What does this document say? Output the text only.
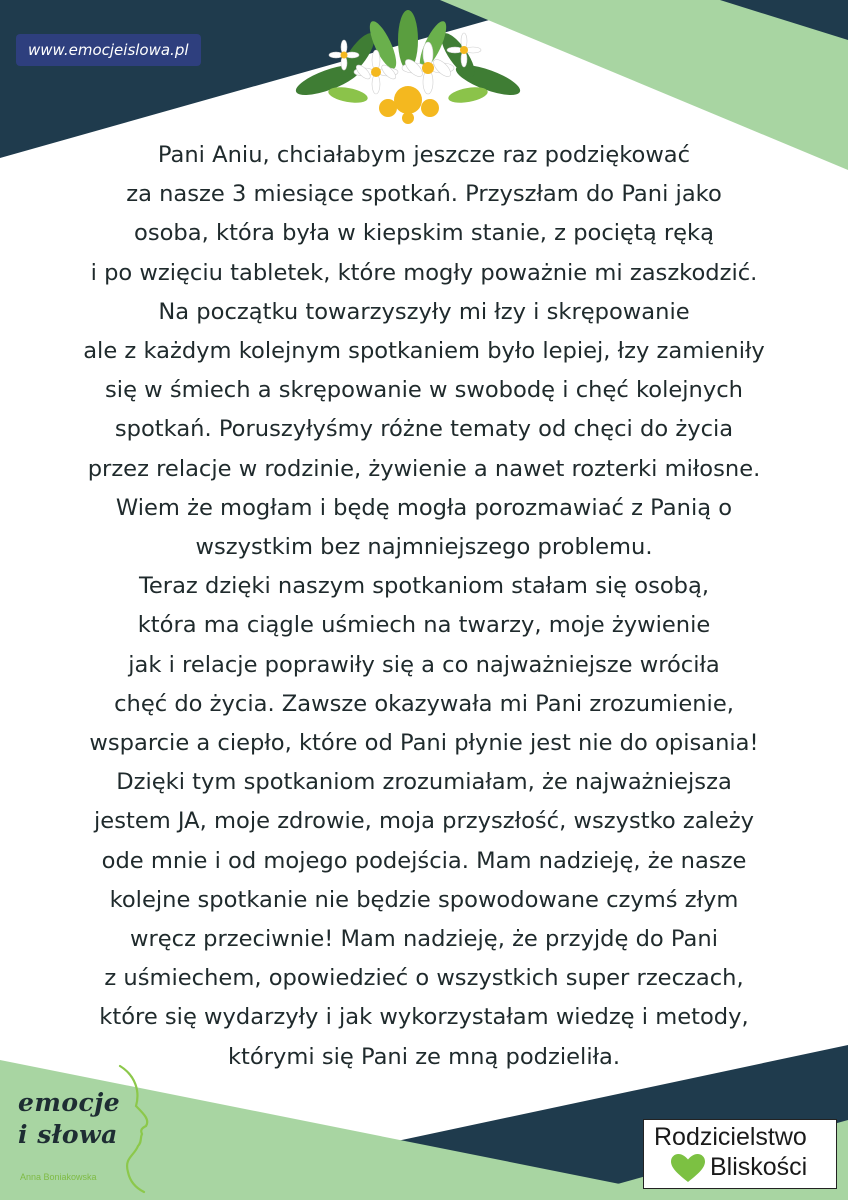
www.emocjeislowa.pl
Pani Aniu, chciałabym jeszcze raz podziękować
za nasze 3 miesiące spotkań. Przyszłam do Pani jako
osoba, która była w kiepskim stanie, z pociętą ręką
i po wzięciu tabletek, które mogły poważnie mi zaszkodzić.
Na początku towarzyszyły mi łzy i skrępowanie
ale z każdym kolejnym spotkaniem było lepiej, łzy zamieniły
się w śmiech a skrępowanie w swobodę i chęć kolejnych
spotkań. Poruszyłyśmy różne tematy od chęci do życia
przez relacje w rodzinie, żywienie a nawet rozterki miłosne.
Wiem że mogłam i będę mogła porozmawiać z Panią o
wszystkim bez najmniejszego problemu.
Teraz dzięki naszym spotkaniom stałam się osobą,
która ma ciągle uśmiech na twarzy, moje żywienie
jak i relacje poprawiły się a co najważniejsze wróciła
chęć do życia. Zawsze okazywała mi Pani zrozumienie,
wsparcie a ciepło, które od Pani płynie jest nie do opisania!
Dzięki tym spotkaniom zrozumiałam, że najważniejsza
jestem JA, moje zdrowie, moja przyszłość, wszystko zależy
ode mnie i od mojego podejścia. Mam nadzieję, że nasze
kolejne spotkanie nie będzie spowodowane czymś złym
wręcz przeciwnie! Mam nadzieję, że przyjdę do Pani
z uśmiechem, opowiedzieć o wszystkich super rzeczach,
które się wydarzyły i jak wykorzystałam wiedzę i metody,
którymi się Pani ze mną podzieliła.
emocje
i słowa
Anna Boniakowska
Rodzicielstwo
Bliskości
